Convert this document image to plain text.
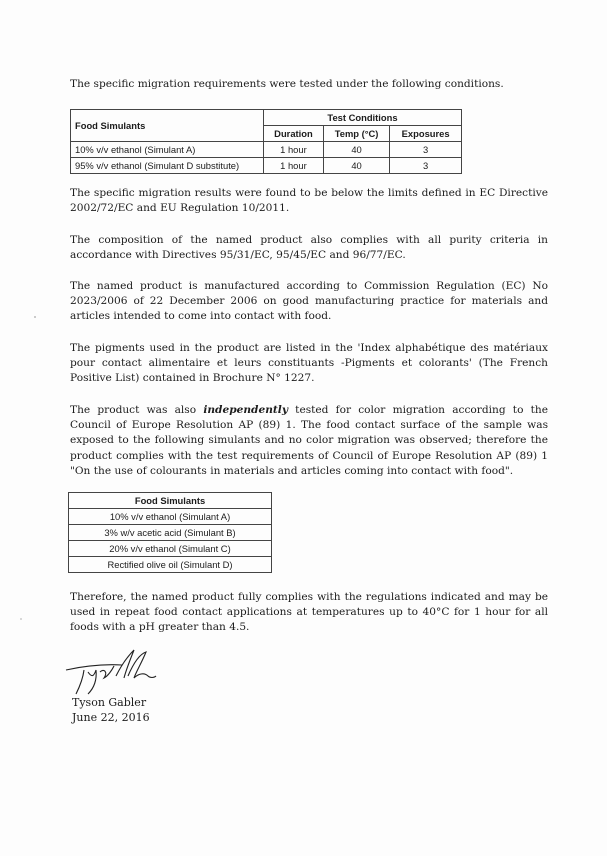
The specific migration requirements were tested under the following conditions.

Food Simulants	Test Conditions		
	Duration	Temp (°C)	Exposures
10% v/v ethanol (Simulant A)	1 hour	40	3
95% v/v ethanol (Simulant D substitute)	1 hour	40	3

The specific migration results were found to be below the limits defined in EC Directive 2002/72/EC and EU Regulation 10/2011.

The composition of the named product also complies with all purity criteria in accordance with Directives 95/31/EC, 95/45/EC and 96/77/EC.

The named product is manufactured according to Commission Regulation (EC) No 2023/2006 of 22 December 2006 on good manufacturing practice for materials and articles intended to come into contact with food.

The pigments used in the product are listed in the 'Index alphabétique des matériaux pour contact alimentaire et leurs constituants -Pigments et colorants' (The French Positive List) contained in Brochure N° 1227.

The product was also independently tested for color migration according to the Council of Europe Resolution AP (89) 1. The food contact surface of the sample was exposed to the following simulants and no color migration was observed; therefore the product complies with the test requirements of Council of Europe Resolution AP (89) 1 "On the use of colourants in materials and articles coming into contact with food".

Food Simulants
10% v/v ethanol (Simulant A)
3% w/v acetic acid (Simulant B)
20% v/v ethanol (Simulant C)
Rectified olive oil (Simulant D)

Therefore, the named product fully complies with the regulations indicated and may be used in repeat food contact applications at temperatures up to 40°C for 1 hour for all foods with a pH greater than 4.5.

Tyson Gabler
June 22, 2016
